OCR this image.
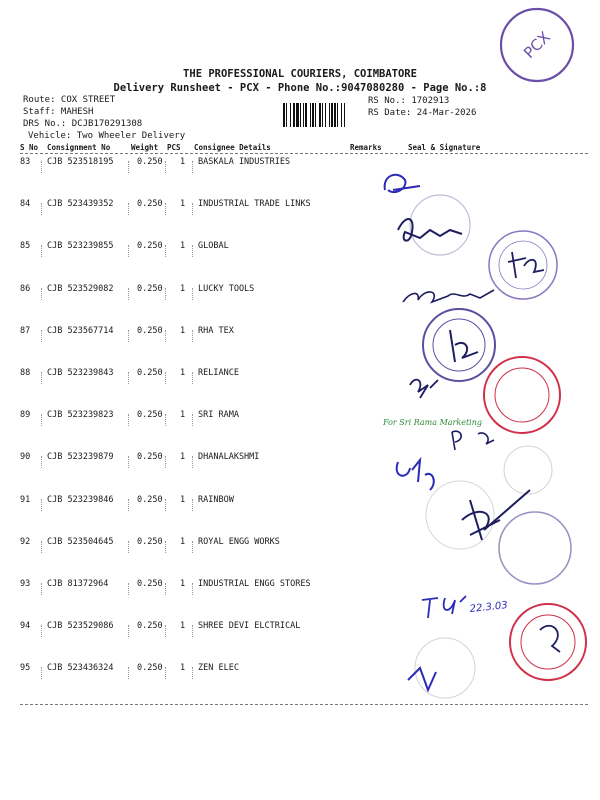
PCX
THE PROFESSIONAL COURIERS, COIMBATORE
Delivery Runsheet - PCX - Phone No.:9047080280 - Page No.:8
Route: COX STREET
Staff: MAHESH
DRS No.: DCJB170291308
Vehicle: Two Wheeler Delivery
RS No.: 1702913
RS Date: 24-Mar-2026
S No Consignment No	Weight PCS Consignee Details	Remarks	Seal & Signature
83 CJB 523518195	0.250 1 BASKALA INDUSTRIES
84 CJB 523439352	0.250 1 INDUSTRIAL TRADE LINKS
85 CJB 523239855	0.250 1 GLOBAL
86 CJB 523529082	0.250 1 LUCKY TOOLS
87 CJB 523567714	0.250 1 RHA TEX
88 CJB 523239843	0.250 1 RELIANCE
89 CJB 523239823	0.250 1 SRI RAMA
90 CJB 523239879	0.250 1 DHANALAKSHMI
91 CJB 523239846	0.250 1 RAINBOW
92 CJB 523504645	0.250 1 ROYAL ENGG WORKS
93 CJB 81372964	0.250 1 INDUSTRIAL ENGG STORES
94 CJB 523529086	0.250 1 SHREE DEVI ELCTRICAL
95 CJB 523436324	0.250 1 ZEN ELEC
22.3.03
For Sri Rama Marketing
